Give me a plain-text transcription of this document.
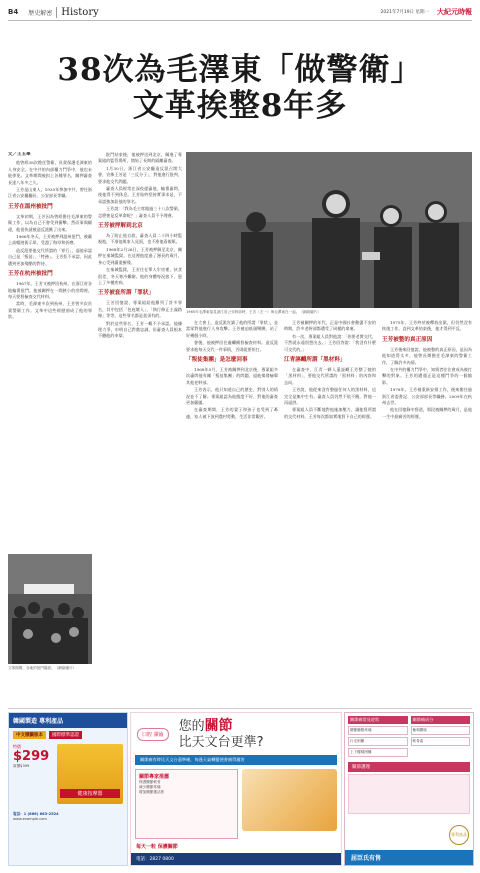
B4 歷史解密 History	2021年7月19日 星期一 大紀元時報
38次為毛澤東「做警衛」
文革挨整8年多
文／王玉華

他曾經38次擔任警衛，負責保護毛澤東的人身安全。在中共的內部權力鬥爭中，他也未能倖免。文革期間被扣上各種罪名，關押審查長達八年多之久。

王芳是山東人，1935年參加中共，曾任浙江省公安廳廳長、公安部長等職。

王芳在溫州被批鬥

文革初期，王芳因為曾經擔任毛澤東的警衛工作，以為自己不會受到衝擊。然而事與願違，他很快就被造反派揪了出來。

1966年冬天，王芳被押到溫州批鬥，被戴上高帽遊街示眾，受盡了侮辱和折磨。

造反派要他交代所謂的「罪行」，逼他承認自己是「叛徒」、「特務」。王芳拒不承認，因此遭到更加殘酷的對待。

王芳在杭州被批鬥

1967年，王芳又被押回杭州，在浙江省各地輪番批鬥。他被關押在一間狹小的房間裡，每天要寫檢查交代材料。

當時，毛澤東多次到杭州，王芳曾多次負責警衛工作。文革中這些經歷卻成了他的罪狀。

文革期間，各地的批鬥場面。（網絡圖片）

批鬥結束後，他被押送到北京，關進了專案組的監管場所，開始了長期的隔離審查。

1月30日，浙江省公安廳造反派召開大會，宣佈王芳是「三反分子」，對他進行批判，要求他交代問題。

審查人員經常在深夜提審他，輪番審問，使他得不到休息。王芳始終堅持實事求是，不承認強加給他的罪名。

王芳說：「我為毛主席做過三十八次警衛，怎麼會是反革命呢？」審查人員不予理會。

王芳被押解到北京

為了防止他自殺，審查人員二十四小時監視他，不准他與家人見面，也不准他看報紙。

1968年2月26日，王芳被押解至北京，關押在秦城監獄。在這裡他度過了漫長的歲月，身心受到嚴重摧殘。

在秦城監獄，王芳住在單人牢房裡，伙食很差，冬天寒冷難耐。他的身體每況愈下，患上了多種疾病。

王芳被套所謂「罪狀」

王芳回憶說，專案組給他羅列了許多罪名，其中包括「包庇壞人」、「執行修正主義路線」等等。這些罪名都是莫須有的。

對於這些罪名，王芳一概不予承認。他據理力爭，申明自己對黨忠誠，但審查人員根本不聽他的申辯。

1965年毛澤東接見浙江省公安幹部時，王芳（左一）與毛澤東在一起。（網絡圖片）

在大會上，造反派宣讀了他的所謂「罪狀」，並當眾對他進行人身攻擊。王芳被迫低頭彎腰，站了好幾個小時。

會後，他被押回住處繼續寫檢查材料。造反派要求他每天交代一件事情，否則就要挨打。

「叛徒集團」是怎麼回事

1968年5月，王芳被關押到北京後，專案組多次審問他有關「叛徒集團」的問題，逼他揭發檢舉其他老幹部。

王芳表示，他只知道自己的歷史，對別人的情況並不了解。專案組認為他態度不好，對他的審查更加嚴厲。

在審查期間，王芳的妻子和孩子也受到了牽連，家人被下放到農村勞動，生活非常艱苦。

王芳被關押的年代，正是中國社會動盪不安的時期，許多老幹部都遭受了同樣的命運。

有一次，專案組人員對他說：「你要老實交代，不然就永遠別想出去。」王芳回答說：「我沒有什麼可交代的。」

江青誣衊所謂「黑材料」

在審查中，江青一夥人還誣衊王芳整了她的「黑材料」，要他交代所謂的「黑材料」的內容和去向。

王芳說，他從來沒有整過任何人的黑材料，這完全是無中生有。審查人員仍然不依不饒，對他一再逼供。

專案組人員不斷地對他施加壓力，讓他寫所謂的交代材料。王芳每次都如實地寫下自己的經歷。

1975年，王芳終於被釋放出獄，但仍然沒有恢復工作。直到文革結束後，他才得到平反。

王芳被整的真正原因

王芳後來回憶說，他被整的真正原因，是因為他知道得太多。他曾長期擔任毛澤東的警衛工作，了解許多內情。

在中共的權力鬥爭中，知情者往往會成為被打擊的對象。王芳的遭遇正是這種鬥爭的一個縮影。

1978年，王芳被重新安排工作，後來擔任過浙江省委書記、公安部部長等職務。2009年在杭州去世。

他在回憶錄中寫道，那段被關押的歲月，是他一生中最痛苦的經歷。

韓國製造 專利產品
中文標籤版本	國際標準認證
特價
$299
原價$399
健康按摩器
電話：1 (866) 663-2524
www.example.com
口腔 潔齒
您的關節
比天文台更準?
關節痛有時比天文台還準確，每逢天氣轉變便會痛得厲害
關節專家推薦
保護關節軟骨
減少關節疼痛
增加關節靈活度
每天一粒 保護關節
電話：2827 0800
關節痛常見症狀
關節腫脹疼痛
行走困難
上下樓梯困難
關節痛成分
葡萄糖胺
軟骨素
關節護理
專利產品
屈臣氏有售
